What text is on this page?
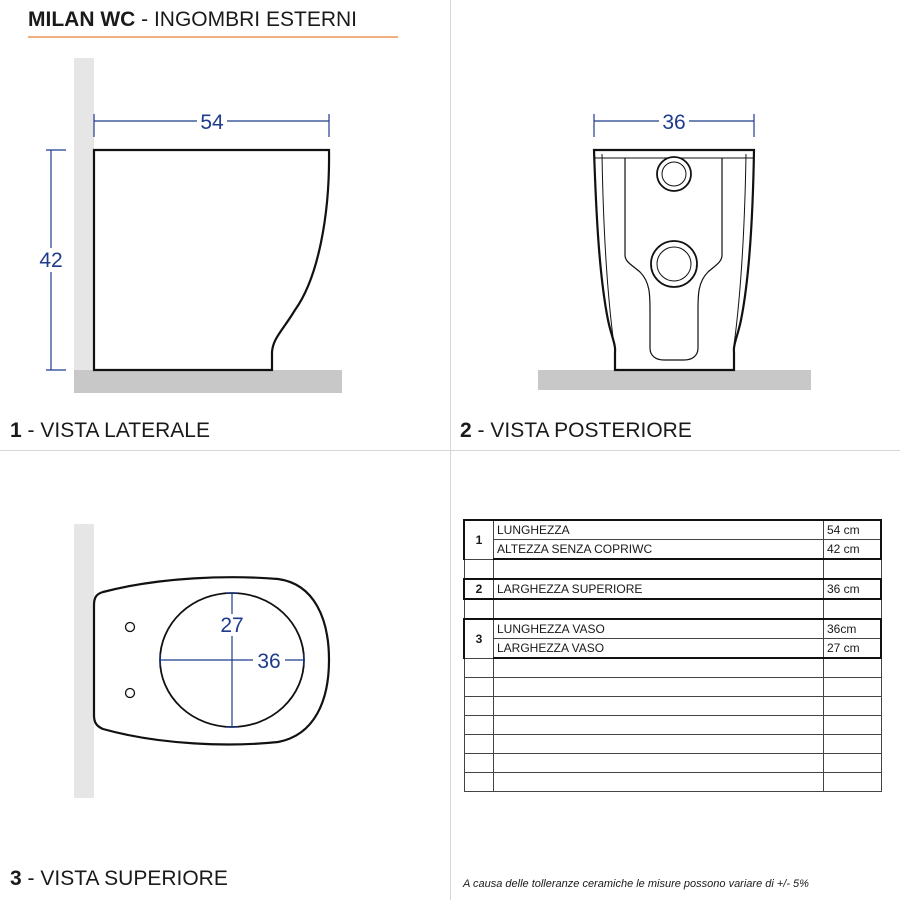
MILAN WC - INGOMBRI ESTERNI
54
42
36
27
36
1 - VISTA LATERALE	2 - VISTA POSTERIORE
3 - VISTA SUPERIORE
1	LUNGHEZZA	54 cm
	ALTEZZA SENZA COPRIWC	42 cm

2	LARGHEZZA SUPERIORE	36 cm

3	LUNGHEZZA VASO	36cm
	LARGHEZZA VASO	27 cm

A causa delle tolleranze ceramiche le misure possono variare di +/- 5%
